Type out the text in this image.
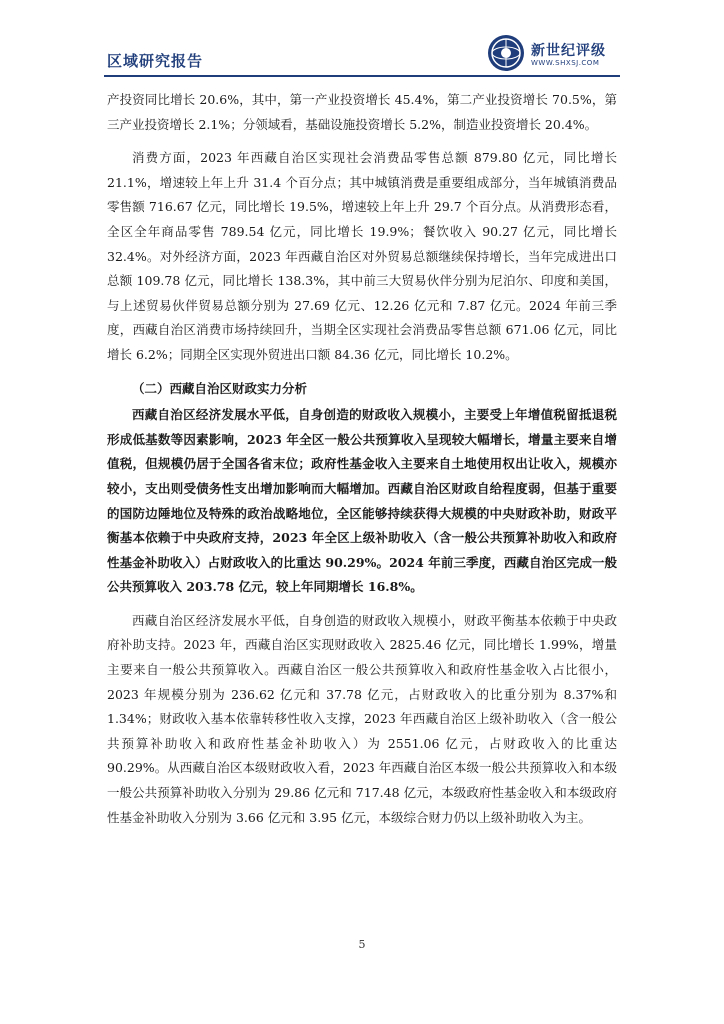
区域研究报告
新世纪评级
WWW.SHXSJ.COM

产投资同比增长 20.6%，其中，第一产业投资增长 45.4%，第二产业投资增长 70.5%，第三产业投资增长 2.1%；分领域看，基础设施投资增长 5.2%，制造业投资增长 20.4%。

消费方面，2023 年西藏自治区实现社会消费品零售总额 879.80 亿元，同比增长 21.1%，增速较上年上升 31.4 个百分点；其中城镇消费是重要组成部分，当年城镇消费品零售额 716.67 亿元，同比增长 19.5%，增速较上年上升 29.7 个百分点。从消费形态看，全区全年商品零售 789.54 亿元，同比增长 19.9%；餐饮收入 90.27 亿元，同比增长 32.4%。对外经济方面，2023 年西藏自治区对外贸易总额继续保持增长，当年完成进出口总额 109.78 亿元，同比增长 138.3%，其中前三大贸易伙伴分别为尼泊尔、印度和美国，与上述贸易伙伴贸易总额分别为 27.69 亿元、12.26 亿元和 7.87 亿元。2024 年前三季度，西藏自治区消费市场持续回升，当期全区实现社会消费品零售总额 671.06 亿元，同比增长 6.2%；同期全区实现外贸进出口额 84.36 亿元，同比增长 10.2%。

（二）西藏自治区财政实力分析

西藏自治区经济发展水平低，自身创造的财政收入规模小，主要受上年增值税留抵退税形成低基数等因素影响，2023 年全区一般公共预算收入呈现较大幅增长，增量主要来自增值税，但规模仍居于全国各省末位；政府性基金收入主要来自土地使用权出让收入，规模亦较小，支出则受债务性支出增加影响而大幅增加。西藏自治区财政自给程度弱，但基于重要的国防边陲地位及特殊的政治战略地位，全区能够持续获得大规模的中央财政补助，财政平衡基本依赖于中央政府支持，2023 年全区上级补助收入（含一般公共预算补助收入和政府性基金补助收入）占财政收入的比重达 90.29%。2024 年前三季度，西藏自治区完成一般公共预算收入 203.78 亿元，较上年同期增长 16.8%。

西藏自治区经济发展水平低，自身创造的财政收入规模小，财政平衡基本依赖于中央政府补助支持。2023 年，西藏自治区实现财政收入 2825.46 亿元，同比增长 1.99%，增量主要来自一般公共预算收入。西藏自治区一般公共预算收入和政府性基金收入占比很小，2023 年规模分别为 236.62 亿元和 37.78 亿元，占财政收入的比重分别为 8.37%和 1.34%；财政收入基本依靠转移性收入支撑，2023 年西藏自治区上级补助收入（含一般公共预算补助收入和政府性基金补助收入）为 2551.06 亿元，占财政收入的比重达 90.29%。从西藏自治区本级财政收入看，2023 年西藏自治区本级一般公共预算收入和本级一般公共预算补助收入分别为 29.86 亿元和 717.48 亿元，本级政府性基金收入和本级政府性基金补助收入分别为 3.66 亿元和 3.95 亿元，本级综合财力仍以上级补助收入为主。

5
